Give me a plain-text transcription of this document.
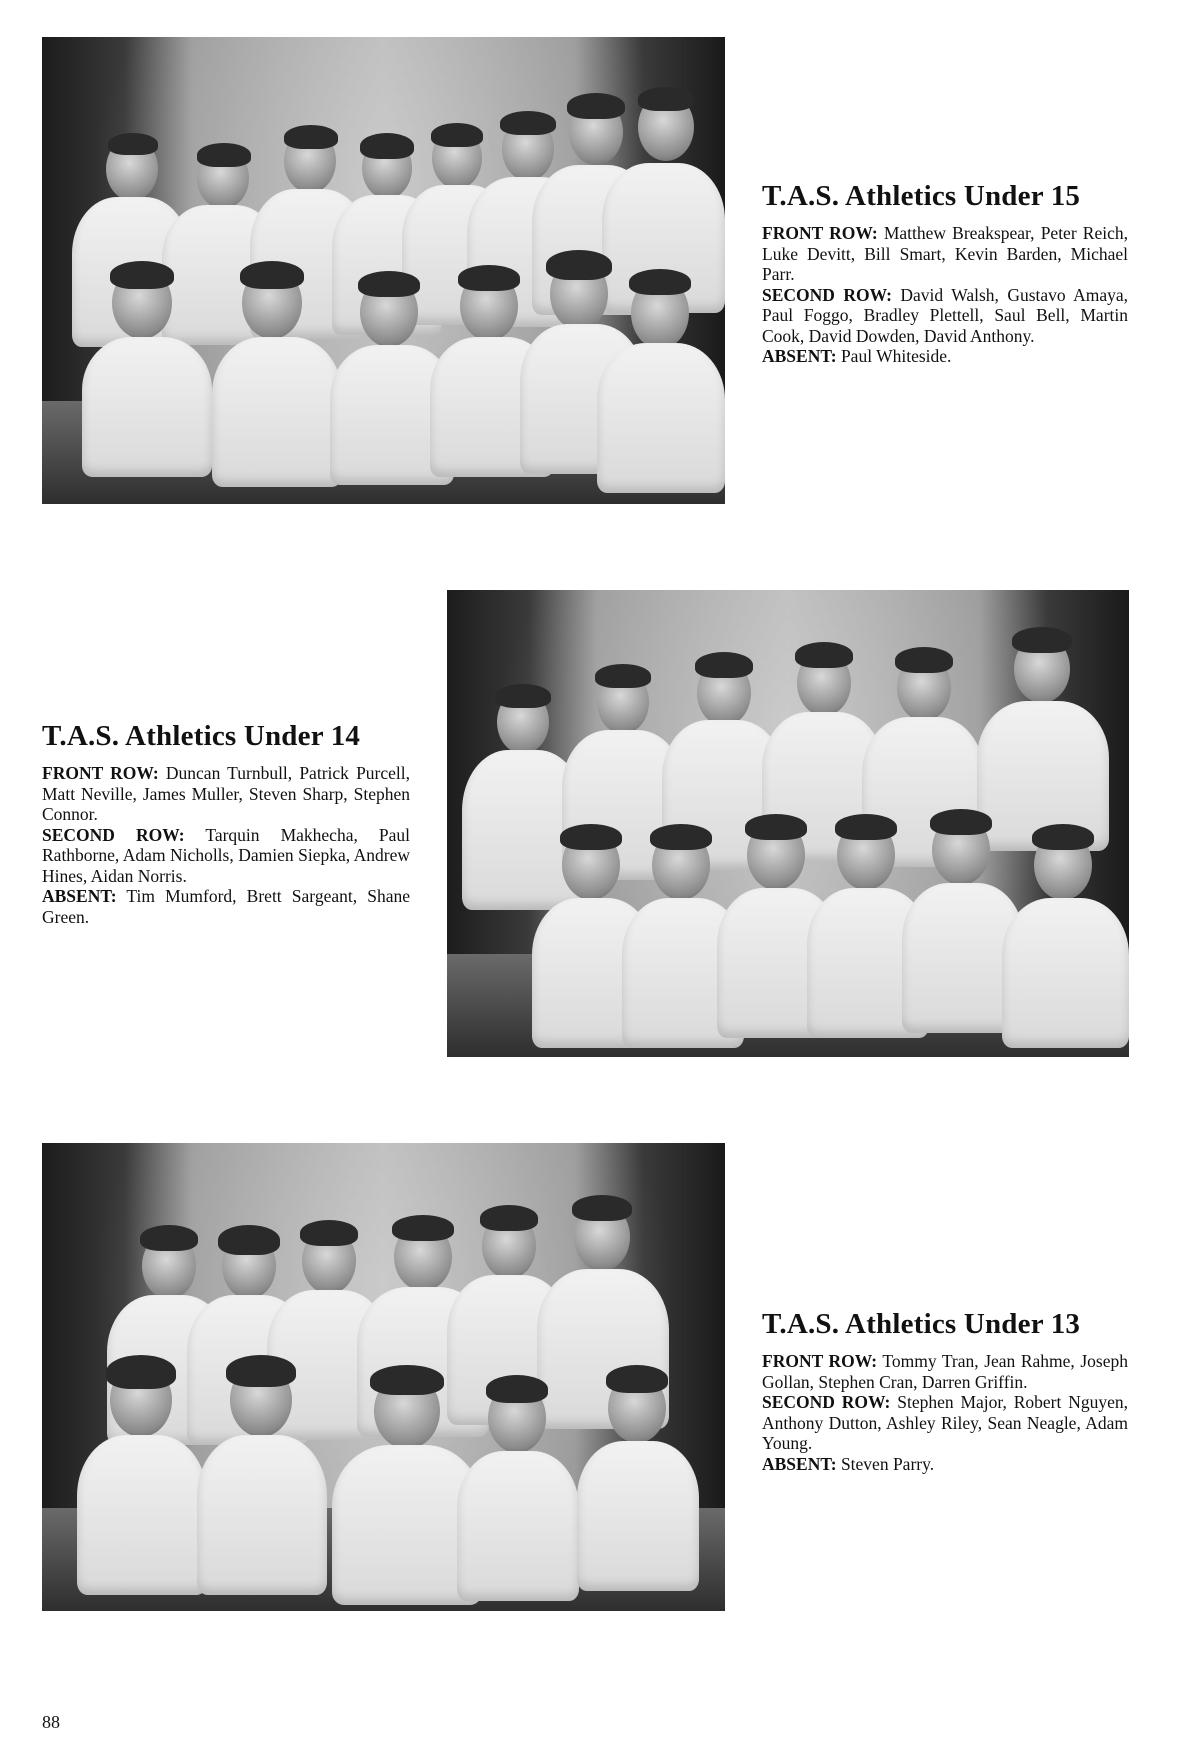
T.A.S. Athletics Under 15

FRONT ROW: Matthew Breakspear, Peter Reich, Luke Devitt, Bill Smart, Kevin Barden, Michael Parr.

SECOND ROW: David Walsh, Gustavo Amaya, Paul Foggo, Bradley Plettell, Saul Bell, Martin Cook, David Dowden, David Anthony.

ABSENT: Paul Whiteside.

T.A.S. Athletics Under 14

FRONT ROW: Duncan Turnbull, Patrick Purcell, Matt Neville, James Muller, Steven Sharp, Stephen Connor.

SECOND ROW: Tarquin Makhecha, Paul Rathborne, Adam Nicholls, Damien Siepka, Andrew Hines, Aidan Norris.

ABSENT: Tim Mumford, Brett Sargeant, Shane Green.

T.A.S. Athletics Under 13

FRONT ROW: Tommy Tran, Jean Rahme, Joseph Gollan, Stephen Cran, Darren Griffin.

SECOND ROW: Stephen Major, Robert Nguyen, Anthony Dutton, Ashley Riley, Sean Neagle, Adam Young.

ABSENT: Steven Parry.

88
